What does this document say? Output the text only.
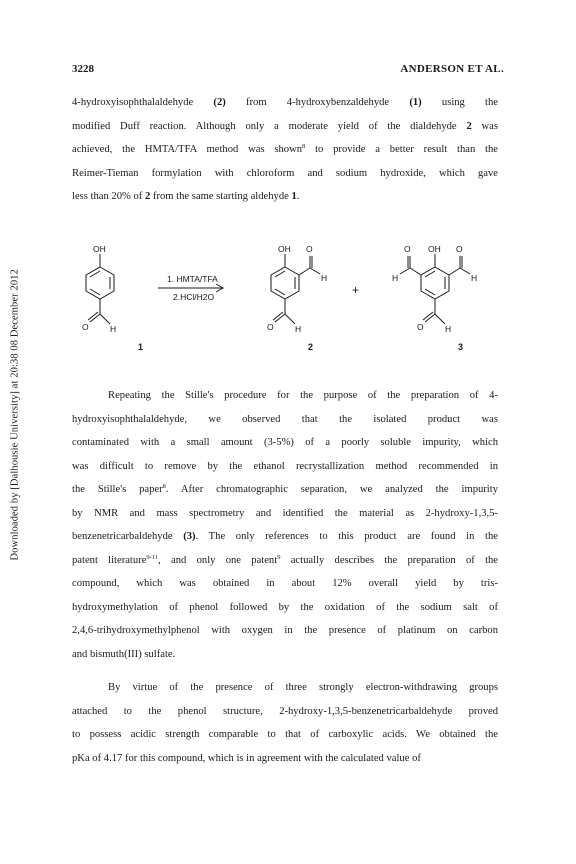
Downloaded by [Dalhousie University] at 20:38 08 December 2012
3228	ANDERSON ET AL.
4-hydroxyisophthalaldehyde (2) from 4-hydroxybenzaldehyde (1) using the
modified Duff reaction. Although only a moderate yield of the dialdehyde 2 was
achieved, the HMTA/TFA method was shown$^8$ to provide a better result than the
Reimer-Tieman formylation with chloroform and sodium hydroxide, which gave
less than 20% of 2 from the same starting aldehyde 1.
OH
O	H
1. HMTA/TFA
2.HCl/H2O
OH O
H
O	H
+
OH O
O
H
H
O	H
1	2	3
Repeating the Stille's procedure for the purpose of the preparation of 4-
hydroxyisophthalaldehyde, we observed that the isolated product was
contaminated with a small amount (3-5%) of a poorly soluble impurity, which
was difficult to remove by the ethanol recrystallization method recommended in
the Stille's paper$^8$. After chromatographic separation, we analyzed the impurity
by NMR and mass spectrometry and identified the material as 2-hydroxy-1,3,5-
benzenetricarbaldehyde (3). The only references to this product are found in the
patent literature$^{9-11}$, and only one patent$^9$ actually describes the preparation of the
compound, which was obtained in about 12% overall yield by tris-
hydroxymethylation of phenol followed by the oxidation of the sodium salt of
2,4,6-trihydroxymethylphenol with oxygen in the presence of platinum on carbon
and bismuth(III) sulfate.
By virtue of the presence of three strongly electron-withdrawing groups
attached to the phenol structure, 2-hydroxy-1,3,5-benzenetricarbaldehyde proved
to possess acidic strength comparable to that of carboxylic acids. We obtained the
pKa of 4.17 for this compound, which is in agreement with the calculated value of
